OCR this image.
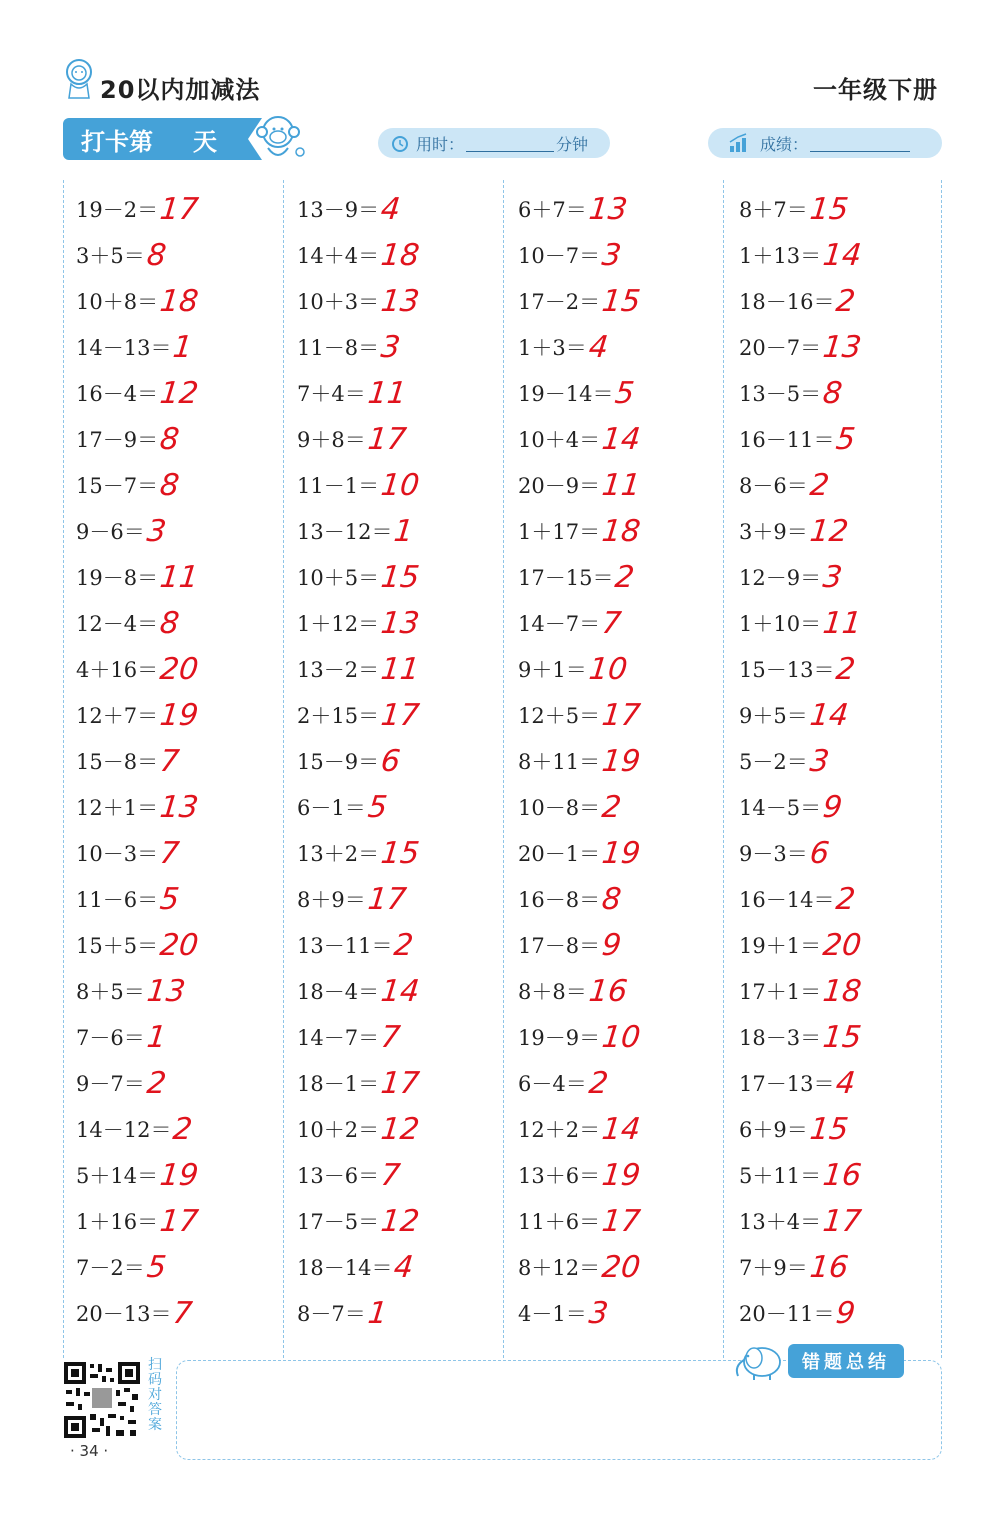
20以内加减法	一年级下册
打卡第 天	用时：	分钟	成绩：
19－2＝ 17
3＋5＝ 8
10＋8＝ 18
14－13＝ 1
16－4＝ 12
17－9＝ 8
15－7＝ 8
9－6＝ 3
19－8＝ 11
12－4＝ 8
4＋16＝ 20
12＋7＝ 19
15－8＝ 7
12＋1＝ 13
10－3＝ 7
11－6＝ 5
15＋5＝ 20
8＋5＝ 13
7－6＝ 1
9－7＝ 2
14－12＝ 2
5＋14＝ 19
1＋16＝ 17
7－2＝ 5
20－13＝ 7
13－9＝ 4
14＋4＝ 18
10＋3＝ 13
11－8＝ 3
7＋4＝ 11
9＋8＝ 17
11－1＝ 10
13－12＝ 1
10＋5＝ 15
1＋12＝ 13
13－2＝ 11
2＋15＝ 17
15－9＝ 6
6－1＝ 5
13＋2＝ 15
8＋9＝ 17
13－11＝ 2
18－4＝ 14
14－7＝ 7
18－1＝ 17
10＋2＝ 12
13－6＝ 7
17－5＝ 12
18－14＝ 4
8－7＝ 1
6＋7＝ 13
10－7＝ 3
17－2＝ 15
1＋3＝ 4
19－14＝ 5
10＋4＝ 14
20－9＝ 11
1＋17＝ 18
17－15＝ 2
14－7＝ 7
9＋1＝ 10
12＋5＝ 17
8＋11＝ 19
10－8＝ 2
20－1＝ 19
16－8＝ 8
17－8＝ 9
8＋8＝ 16
19－9＝ 10
6－4＝ 2
12＋2＝ 14
13＋6＝ 19
11＋6＝ 17
8＋12＝ 20
4－1＝ 3
8＋7＝ 15
1＋13＝ 14
18－16＝ 2
20－7＝ 13
13－5＝ 8
16－11＝ 5
8－6＝ 2
3＋9＝ 12
12－9＝ 3
1＋10＝ 11
15－13＝ 2
9＋5＝ 14
5－2＝ 3
14－5＝ 9
9－3＝ 6
16－14＝ 2
19＋1＝ 20
17＋1＝ 18
18－3＝ 15
17－13＝ 4
6＋9＝ 15
5＋11＝ 16
13＋4＝ 17
7＋9＝ 16
20－11＝ 9
扫码对答案
· 34 ·
错题总结
